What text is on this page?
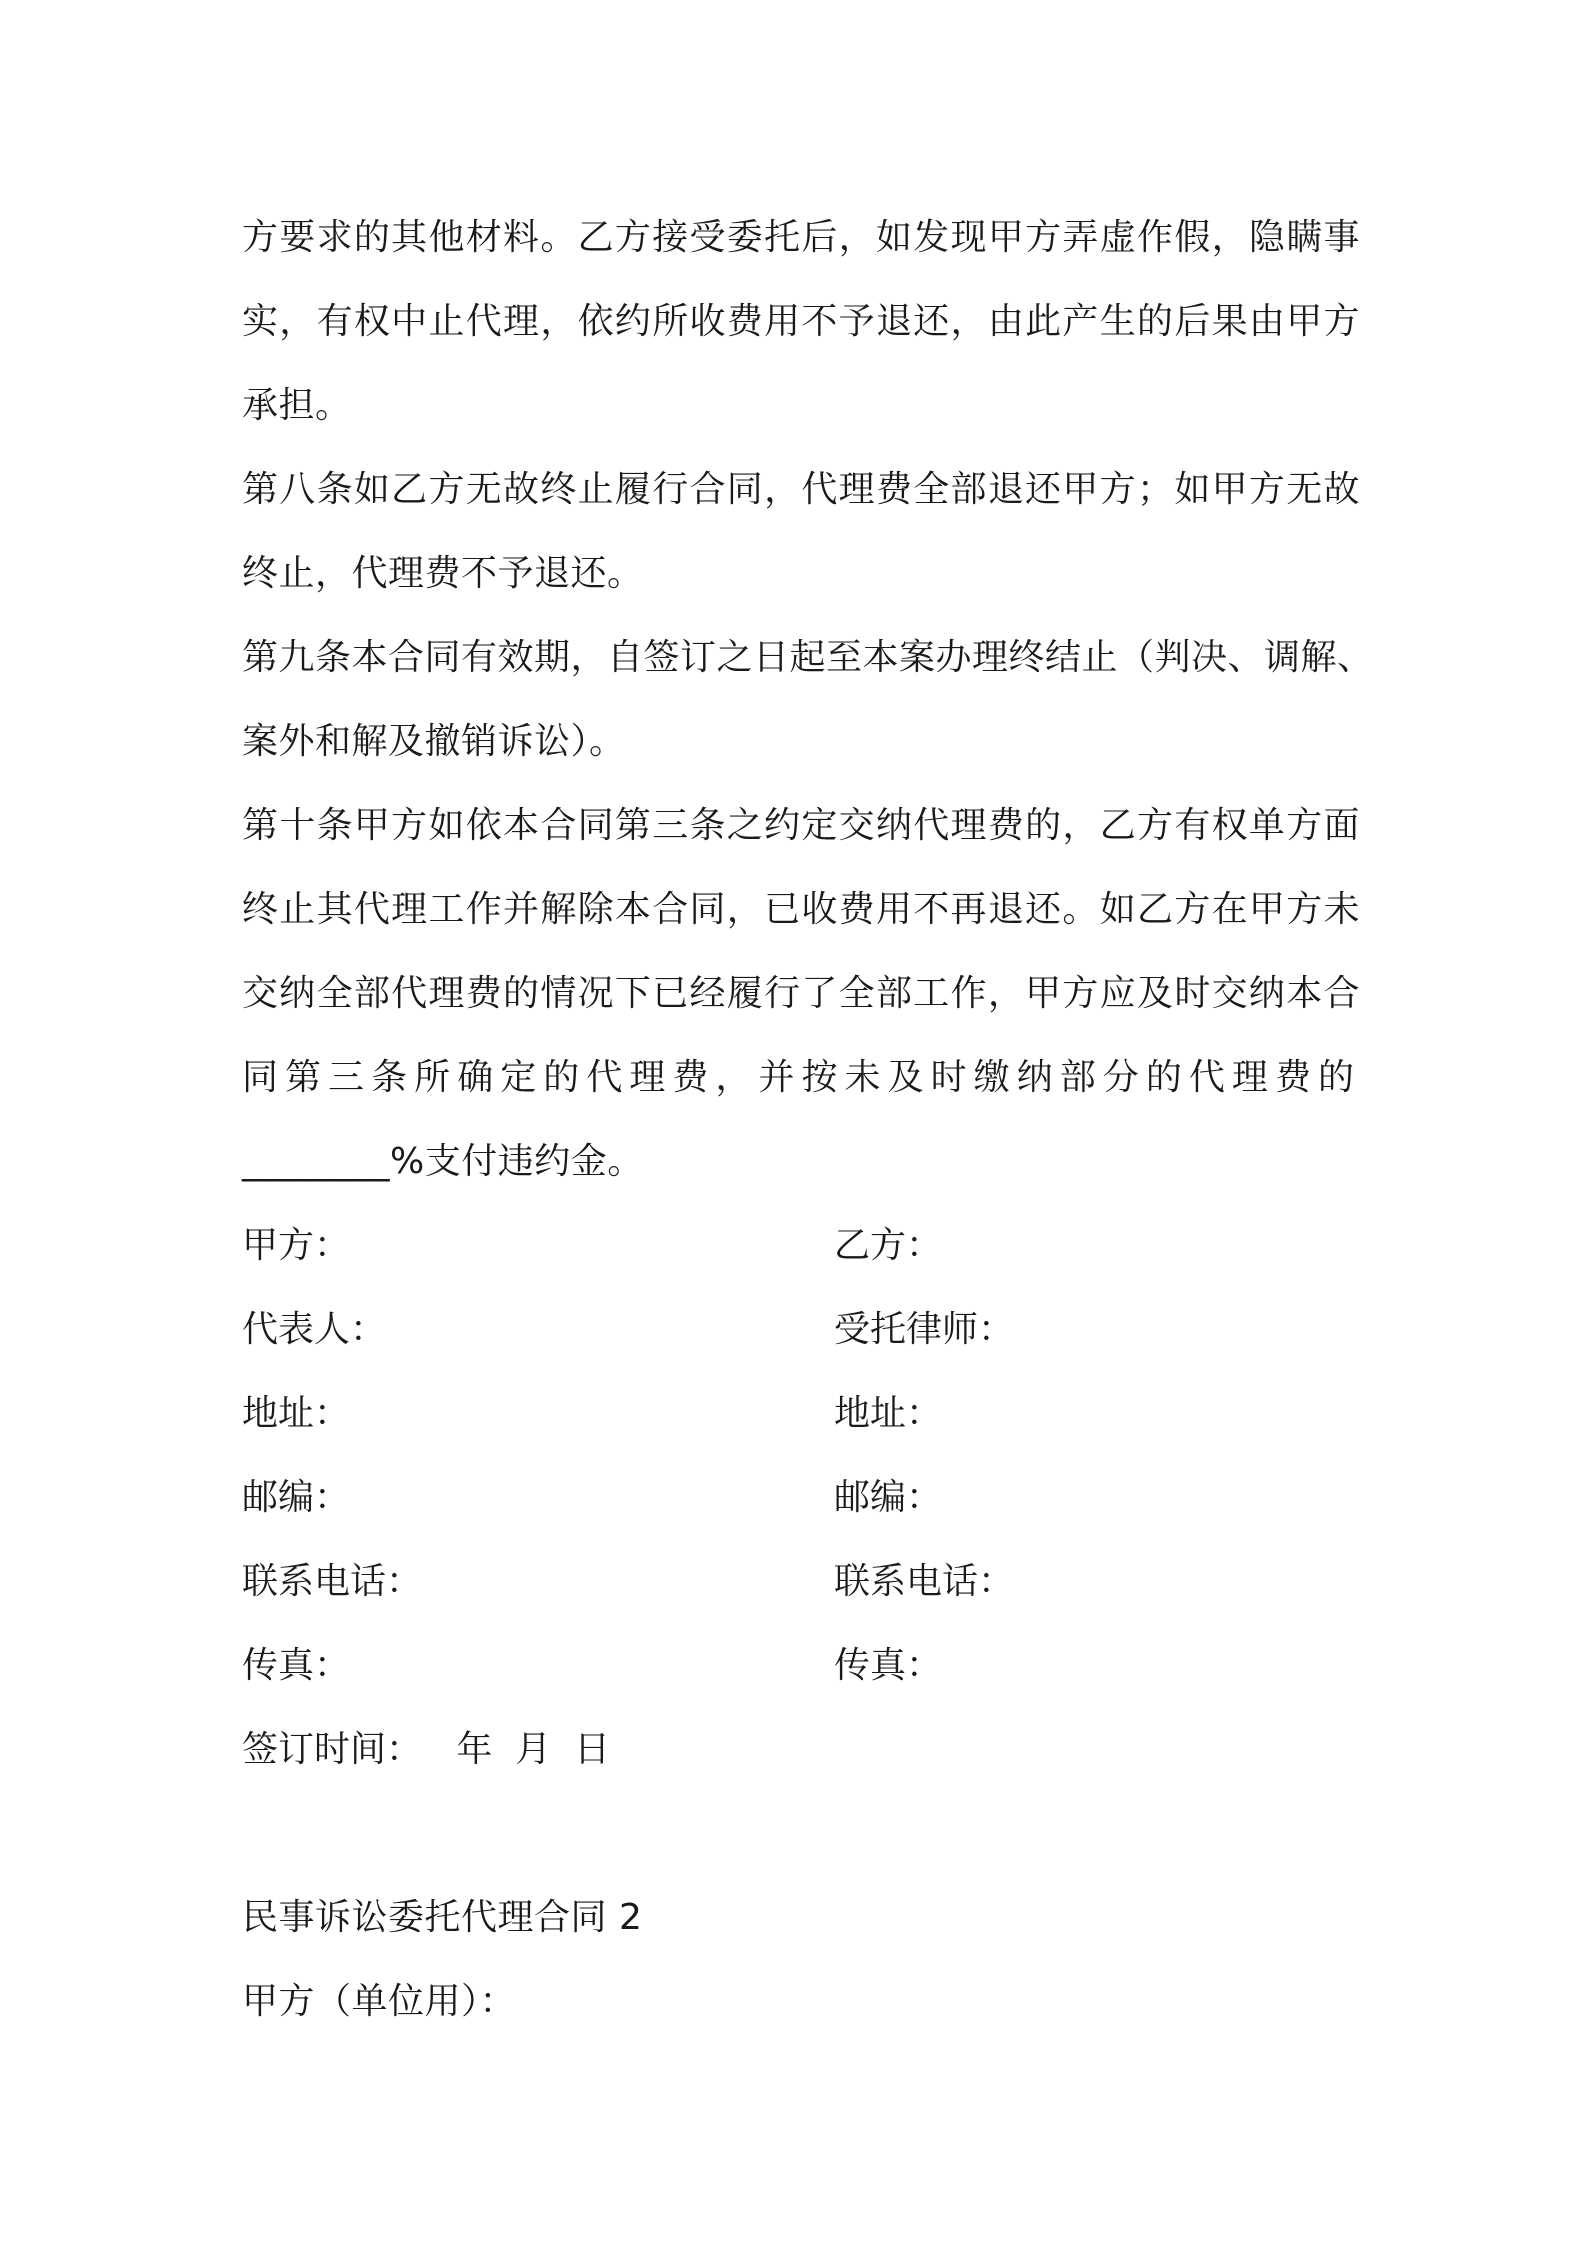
方要求的其他材料。乙方接受委托后，如发现甲方弄虚作假，隐瞒事
实，有权中止代理，依约所收费用不予退还，由此产生的后果由甲方
承担。
第八条如乙方无故终止履行合同，代理费全部退还甲方；如甲方无故
终止，代理费不予退还。
第九条本合同有效期，自签订之日起至本案办理终结止（判决、调解、
案外和解及撤销诉讼）。
第十条甲方如依本合同第三条之约定交纳代理费的，乙方有权单方面
终止其代理工作并解除本合同，已收费用不再退还。如乙方在甲方未
交纳全部代理费的情况下已经履行了全部工作，甲方应及时交纳本合
同第三条所确定的代理费，并按未及时缴纳部分的代理费的
________%支付违约金。
甲方：	乙方：
代表人：	受托律师：
地址：	地址：
邮编：	邮编：
联系电话：	联系电话：
传真：	传真：
签订时间：   年  月  日
民事诉讼委托代理合同 2
甲方（单位用）：
